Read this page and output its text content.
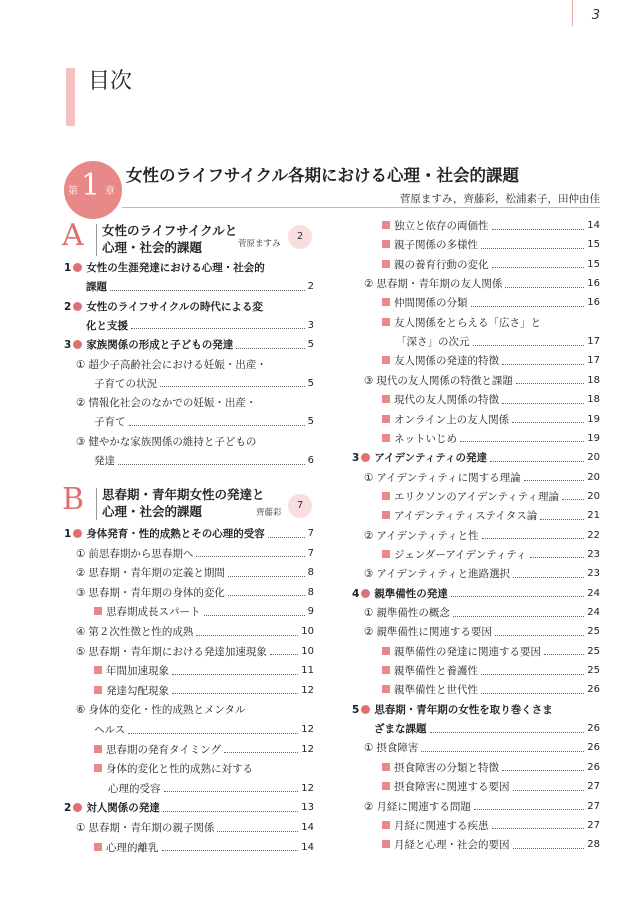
3
目次
第 1 章
女性のライフサイクル各期における心理・社会的課題
菅原ますみ，齊藤彩，松浦素子，田仲由佳
A 女性のライフサイクルと
心理・社会的課題	菅原ますみ
2
B 思春期・青年期女性の発達と
心理・社会的課題	齊藤彩
7
1 女性の生涯発達における心理・社会的
課題	2
2 女性のライフサイクルの時代による変
化と支援	3
3 家族関係の形成と子どもの発達	5
① 超少子高齢社会における妊娠・出産・
子育ての状況	5
② 情報化社会のなかでの妊娠・出産・
子育て	5
③ 健やかな家族関係の維持と子どもの
発達	6
1 身体発育・性的成熟とその心理的受容	7
① 前思春期から思春期へ	7
② 思春期・青年期の定義と期間	8
③ 思春期・青年期の身体的変化	8
思春期成長スパート	9
④ 第２次性徴と性的成熟	10
⑤ 思春期・青年期における発達加速現象	10
年間加速現象	11
発達勾配現象	12
⑥ 身体的変化・性的成熟とメンタル
ヘルス	12
思春期の発育タイミング	12
身体的変化と性的成熟に対する
心理的受容	12
2 対人関係の発達	13
① 思春期・青年期の親子関係	14
心理的離乳	14
独立と依存の両価性	14
親子関係の多様性	15
親の養育行動の変化	15
② 思春期・青年期の友人関係	16
仲間関係の分類	16
友人関係をとらえる「広さ」と
「深さ」の次元	17
友人関係の発達的特徴	17
③ 現代の友人関係の特徴と課題	18
現代の友人関係の特徴	18
オンライン上の友人関係	19
ネットいじめ	19
3 アイデンティティの発達	20
① アイデンティティに関する理論	20
エリクソンのアイデンティティ理論	20
アイデンティティステイタス論	21
② アイデンティティと性	22
ジェンダーアイデンティティ	23
③ アイデンティティと進路選択	23
4 親準備性の発達	24
① 親準備性の概念	24
② 親準備性に関連する要因	25
親準備性の発達に関連する要因	25
親準備性と養護性	25
親準備性と世代性	26
5 思春期・青年期の女性を取り巻くさま
ざまな課題	26
① 摂食障害	26
摂食障害の分類と特徴	26
摂食障害に関連する要因	27
② 月経に関連する問題	27
月経に関連する疾患	27
月経と心理・社会的要因	28
